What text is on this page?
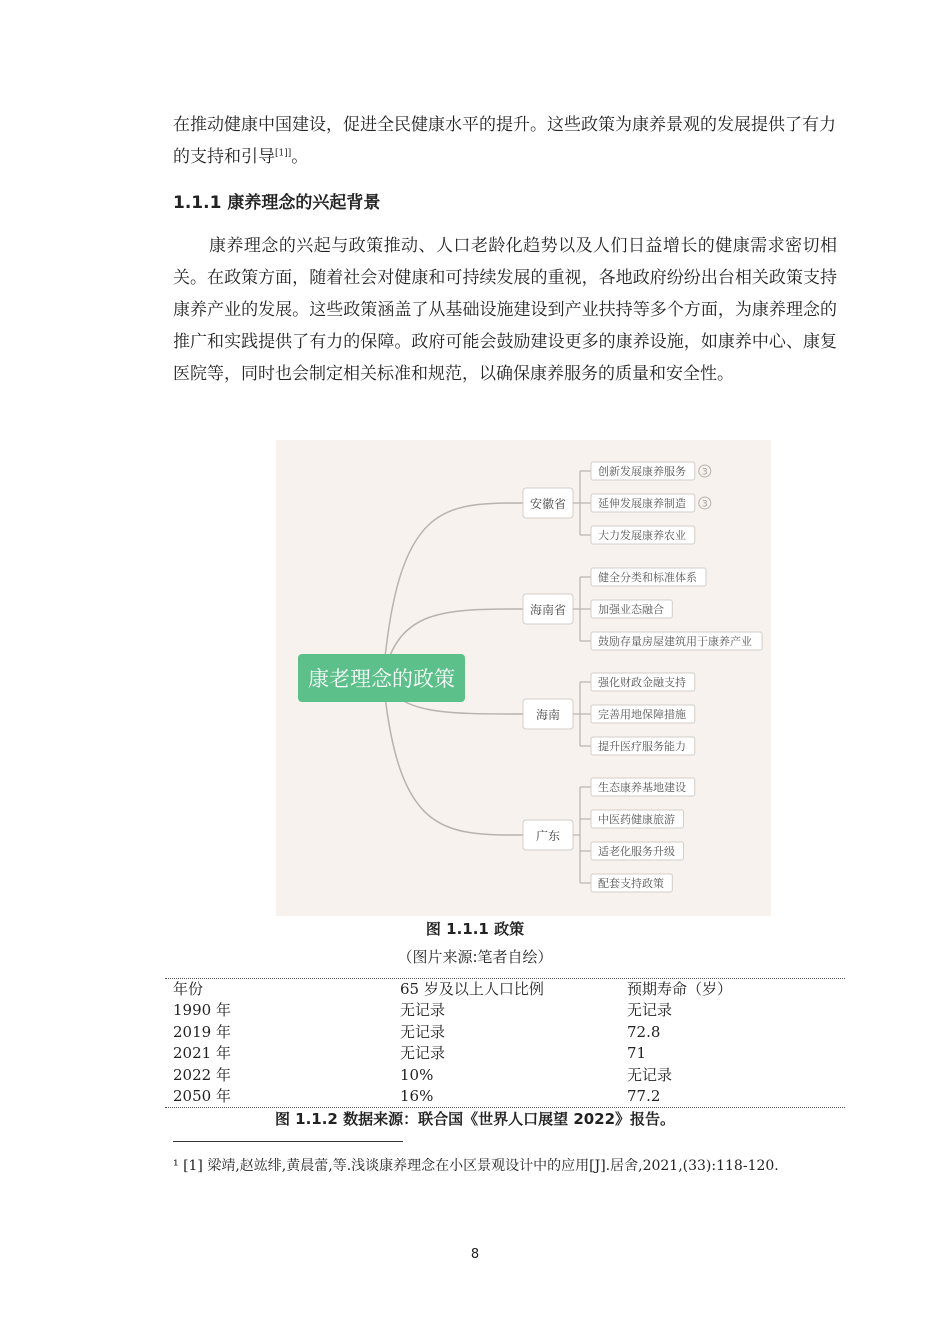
在推动健康中国建设，促进全民健康水平的提升。这些政策为康养景观的发展提供了有力的支持和引导[1]]。
1.1.1 康养理念的兴起背景
康养理念的兴起与政策推动、人口老龄化趋势以及人们日益增长的健康需求密切相关。在政策方面，随着社会对健康和可持续发展的重视，各地政府纷纷出台相关政策支持康养产业的发展。这些政策涵盖了从基础设施建设到产业扶持等多个方面，为康养理念的推广和实践提供了有力的保障。政府可能会鼓励建设更多的康养设施，如康养中心、康复医院等，同时也会制定相关标准和规范，以确保康养服务的质量和安全性。
康老理念的政策
安徽省
创新发展康养服务 3
延伸发展康养制造 3
大力发展康养农业
海南省
健全分类和标准体系
加强业态融合
鼓励存量房屋建筑用于康养产业
海南
强化财政金融支持
完善用地保障措施
提升医疗服务能力
广东
生态康养基地建设
中医药健康旅游
适老化服务升级
配套支持政策
图 1.1.1 政策
（图片来源:笔者自绘）
年份	65 岁及以上人口比例	预期寿命（岁）
1990 年	无记录	无记录
2019 年	无记录	72.8
2021 年	无记录	71
2022 年	10%	无记录
2050 年	16%	77.2
图 1.1.2 数据来源：联合国《世界人口展望 2022》报告。
¹ [1] 梁靖,赵竑绯,黄晨蕾,等.浅谈康养理念在小区景观设计中的应用[J].居舍,2021,(33):118-120.
8
